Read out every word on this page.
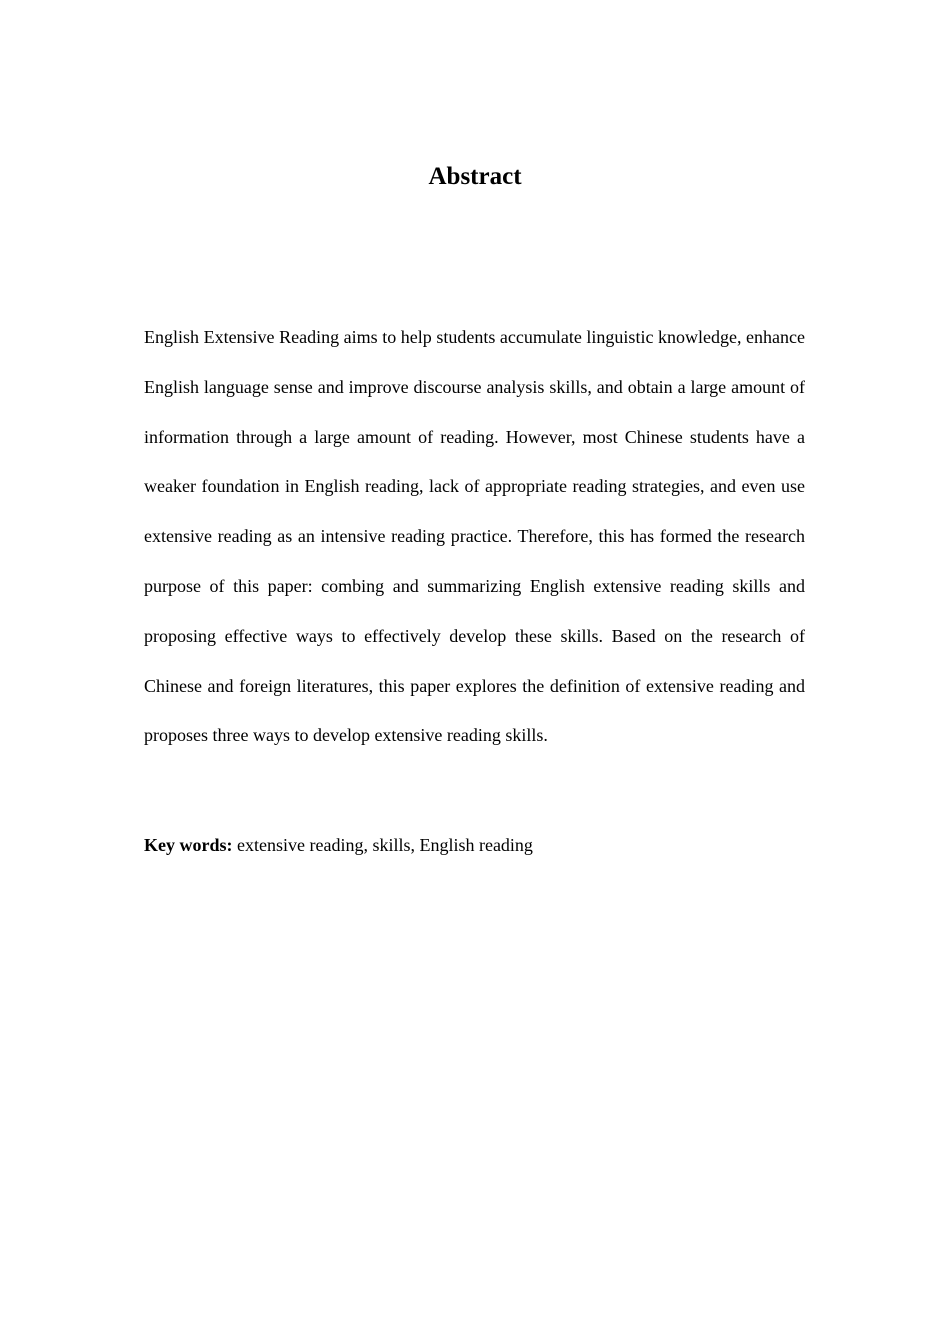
Abstract

English Extensive Reading aims to help students accumulate linguistic knowledge, enhance English language sense and improve discourse analysis skills, and obtain a large amount of information through a large amount of reading. However, most Chinese students have a weaker foundation in English reading, lack of appropriate reading strategies, and even use extensive reading as an intensive reading practice. Therefore, this has formed the research purpose of this paper: combing and summarizing English extensive reading skills and proposing effective ways to effectively develop these skills. Based on the research of Chinese and foreign literatures, this paper explores the definition of extensive reading and proposes three ways to develop extensive reading skills.

Key words: extensive reading, skills, English reading
